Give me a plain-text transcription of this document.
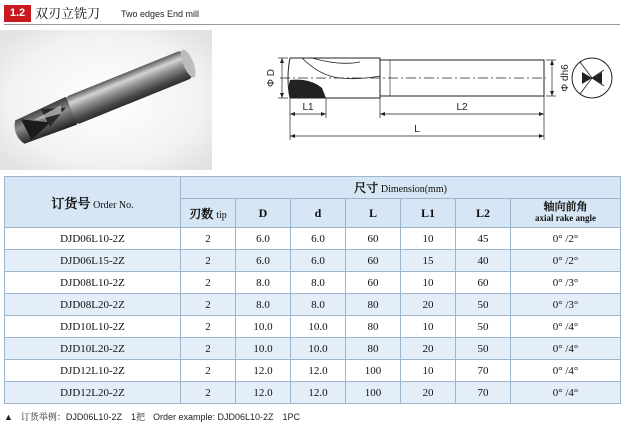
1.2 双刃立铣刀 Two edges End mill
Φ D	Φ dh6
L1	L2
L
订货号 Order No.	尺寸 Dimension(mm)						
	刃数 tip	D	d	L	L1	L2	轴向前角
axial rake angle

DJD06L10-2Z	2	6.0	6.0	60	10	45	0° /2°
DJD06L15-2Z	2	6.0	6.0	60	15	40	0° /2°
DJD08L10-2Z	2	8.0	8.0	60	10	60	0° /3°
DJD08L20-2Z	2	8.0	8.0	80	20	50	0° /3°
DJD10L10-2Z	2	10.0	10.0	80	10	50	0° /4°
DJD10L20-2Z	2	10.0	10.0	80	20	50	0° /4°
DJD12L10-2Z	2	12.0	12.0	100	10	70	0° /4°
DJD12L20-2Z	2	12.0	12.0	100	20	70	0° /4°
▲ 订货举例：DJD06L10-2Z　1把 Order example: DJD06L10-2Z　1PC
